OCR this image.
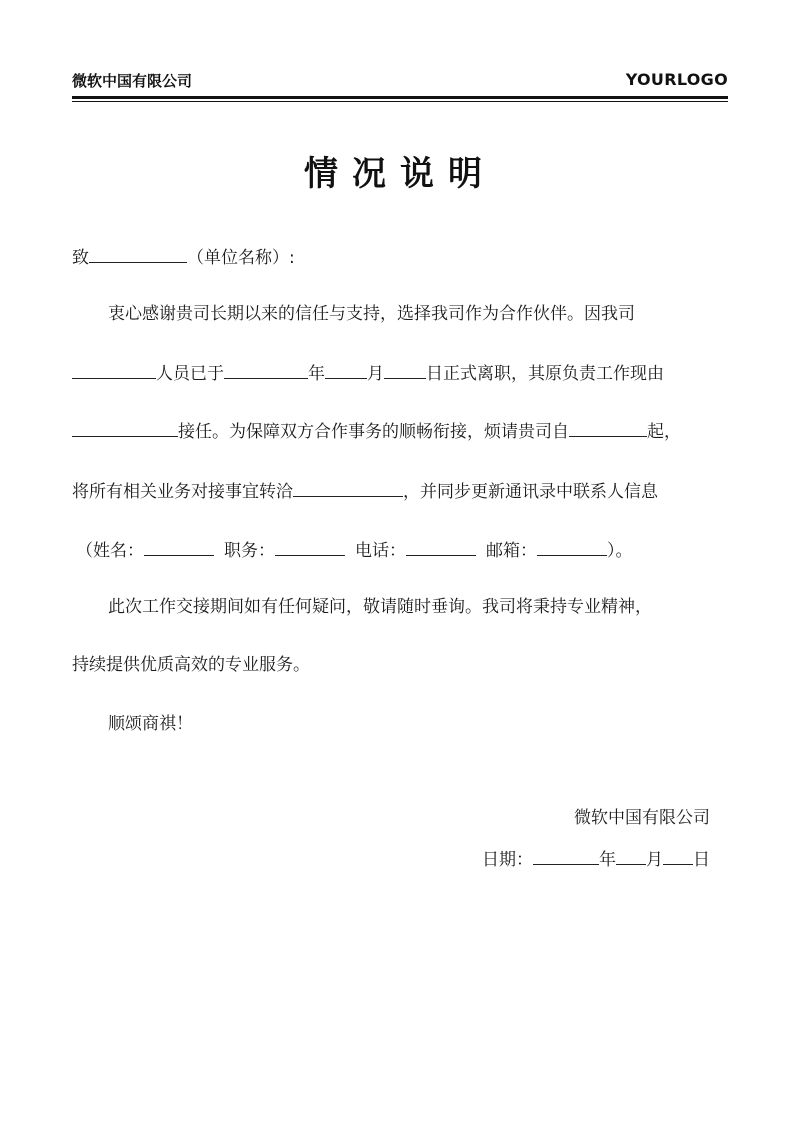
微软中国有限公司	YOURLOGO
情况说明
致	（单位名称）:
衷心感谢贵司长期以来的信任与支持，选择我司作为合作伙伴。因我司
人员已于	年 月 日正式离职，其原负责工作现由
接任。为保障双方合作事务的顺畅衔接，烦请贵司自	起，
将所有相关业务对接事宜转洽	，并同步更新通讯录中联系人信息
（姓名：	职务：	电话：	邮箱：	）。
此次工作交接期间如有任何疑问，敬请随时垂询。我司将秉持专业精神，
持续提供优质高效的专业服务。
顺颂商祺！
微软中国有限公司
日期：	年 月 日
